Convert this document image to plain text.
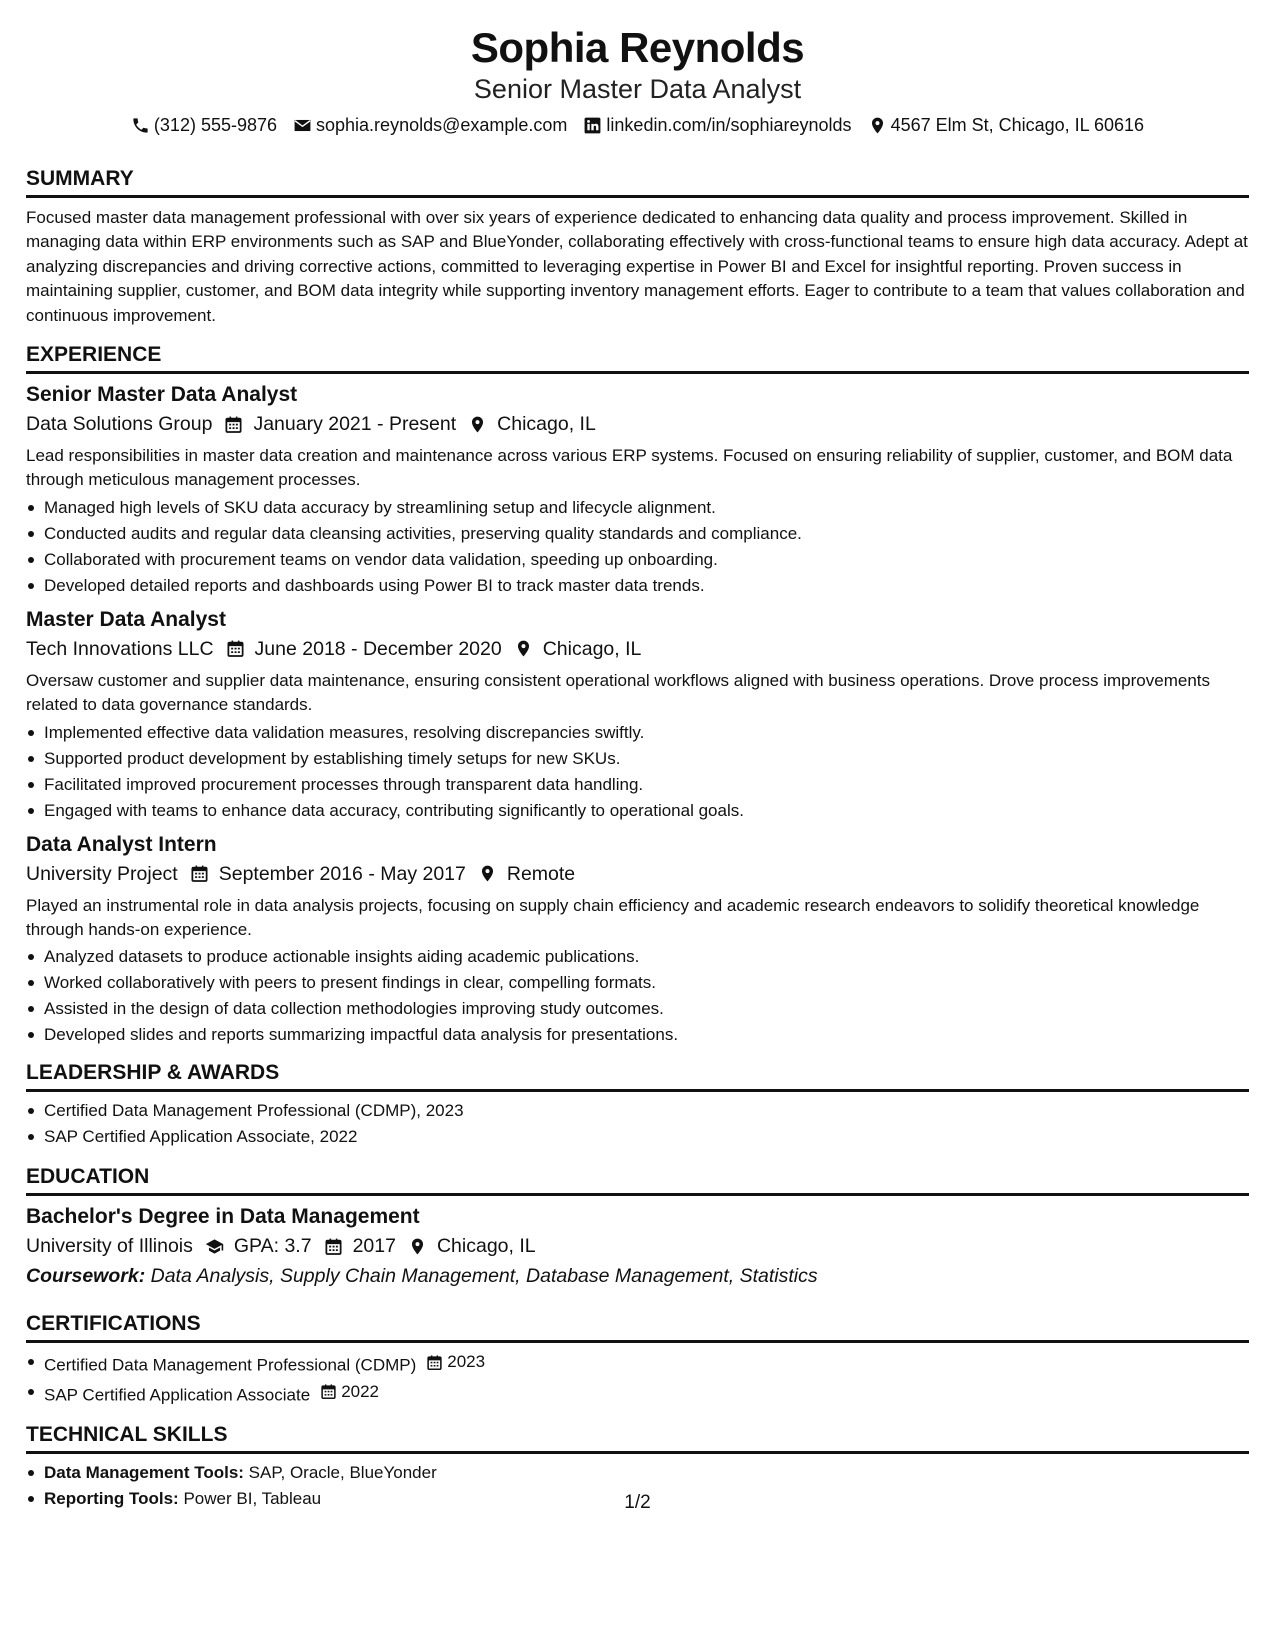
Sophia Reynolds
Senior Master Data Analyst
(312) 555-9876 sophia.reynolds@example.com linkedin.com/in/sophiareynolds 4567 Elm St, Chicago, IL 60616
SUMMARY
Focused master data management professional with over six years of experience dedicated to enhancing data quality and process improvement. Skilled in managing data within ERP environments such as SAP and BlueYonder, collaborating effectively with cross-functional teams to ensure high data accuracy. Adept at analyzing discrepancies and driving corrective actions, committed to leveraging expertise in Power BI and Excel for insightful reporting. Proven success in maintaining supplier, customer, and BOM data integrity while supporting inventory management efforts. Eager to contribute to a team that values collaboration and continuous improvement.
EXPERIENCE
Senior Master Data Analyst
Data Solutions Group January 2021 - Present Chicago, IL
Lead responsibilities in master data creation and maintenance across various ERP systems. Focused on ensuring reliability of supplier, customer, and BOM data through meticulous management processes.
Managed high levels of SKU data accuracy by streamlining setup and lifecycle alignment.
Conducted audits and regular data cleansing activities, preserving quality standards and compliance.
Collaborated with procurement teams on vendor data validation, speeding up onboarding.
Developed detailed reports and dashboards using Power BI to track master data trends.
Master Data Analyst
Tech Innovations LLC June 2018 - December 2020 Chicago, IL
Oversaw customer and supplier data maintenance, ensuring consistent operational workflows aligned with business operations. Drove process improvements related to data governance standards.
Implemented effective data validation measures, resolving discrepancies swiftly.
Supported product development by establishing timely setups for new SKUs.
Facilitated improved procurement processes through transparent data handling.
Engaged with teams to enhance data accuracy, contributing significantly to operational goals.
Data Analyst Intern
University Project September 2016 - May 2017 Remote
Played an instrumental role in data analysis projects, focusing on supply chain efficiency and academic research endeavors to solidify theoretical knowledge through hands-on experience.
Analyzed datasets to produce actionable insights aiding academic publications.
Worked collaboratively with peers to present findings in clear, compelling formats.
Assisted in the design of data collection methodologies improving study outcomes.
Developed slides and reports summarizing impactful data analysis for presentations.
LEADERSHIP & AWARDS
Certified Data Management Professional (CDMP), 2023
SAP Certified Application Associate, 2022
EDUCATION
Bachelor's Degree in Data Management
University of Illinois GPA: 3.7 2017 Chicago, IL
Coursework: Data Analysis, Supply Chain Management, Database Management, Statistics
CERTIFICATIONS
Certified Data Management Professional (CDMP) 2023
SAP Certified Application Associate 2022
TECHNICAL SKILLS
Data Management Tools: SAP, Oracle, BlueYonder
Reporting Tools: Power BI, Tableau	1/2
